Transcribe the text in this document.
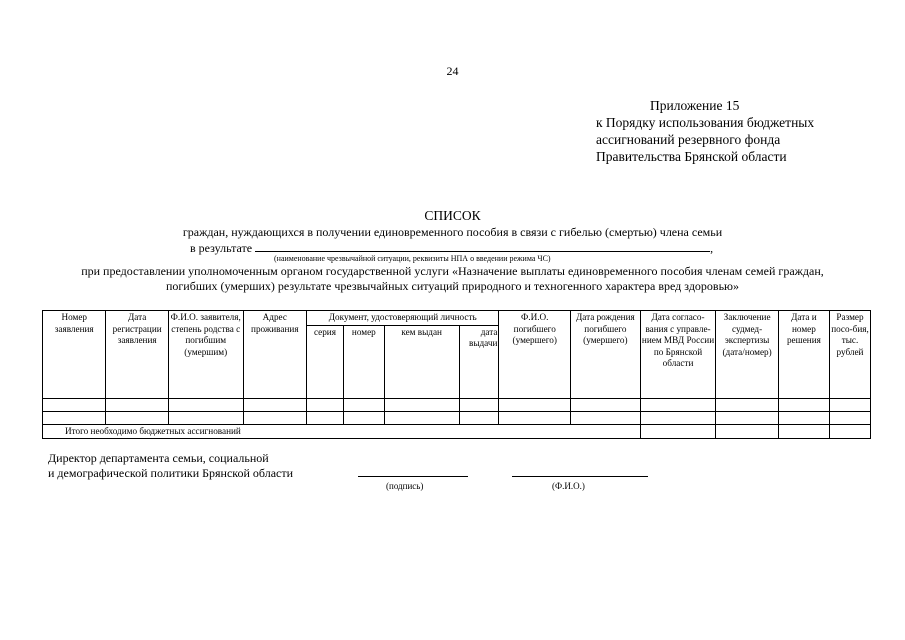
24
Приложение 15
к Порядку использования бюджетных
ассигнований резервного фонда
Правительства Брянской области
СПИСОК
граждан, нуждающихся в получении единовременного пособия в связи с гибелью (смертью) члена семьи
в результате	,
(наименование чрезвычайной ситуации, реквизиты НПА о введении режима ЧС)
при предоставлении уполномоченным органом государственной услуги «Назначение выплаты единовременного пособия членам семей граждан,
погибших (умерших) результате чрезвычайных ситуаций природного и техногенного характера вред здоровью»
Номер заявления	Дата регистрации заявления	Ф.И.О. заявителя, степень родства с погибшим (умершим)	Адрес проживания	Документ, удостоверяющий личность				Ф.И.О. погибшего (умершего)	Дата рождения погибшего (умершего)	Дата согласо-вания с управле-нием МВД России по Брянской области	Заключение судмед-экспертизы (дата/номер)	Дата и номер решения	Размер посо-бия, тыс. рублей
				серия	номер	кем выдан	дата выдачи						

Итого необходимо бюджетных ассигнований													
Директор департамента семьи, социальной
и демографической политики Брянской области
(подпись)	(Ф.И.О.)
